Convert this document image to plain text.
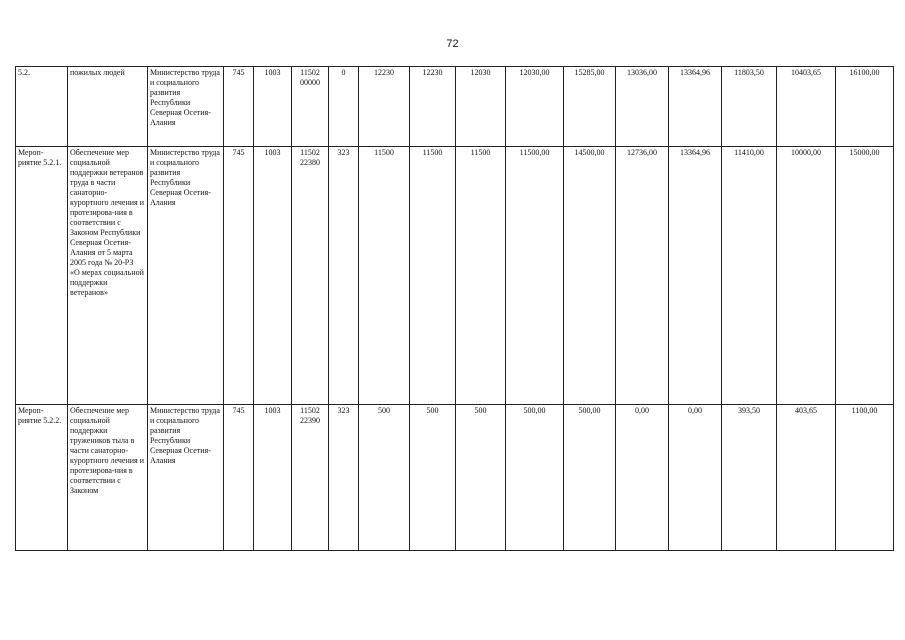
72
5.2.	пожилых людей	Министерство труда и социального развития Республики Северная Осетия-Алания	745	1003	11502 00000	0	12230	12230	12030	12030,00	15285,00	13036,00	13364,96	11803,50	10403,65	16100,00
Мероп-риятие 5.2.1.	Обеспечение мер социальной поддержки ветеранов труда в части санаторно-курортного лечения и протезирова-ния в соответствии с Законом Республики Северная Осетия-Алания от 5 марта 2005 года № 20-РЗ «О мерах социальной поддержки ветеранов»	Министерство труда и социального развития Республики Северная Осетия-Алания	745	1003	11502 22380	323	11500	11500	11500	11500,00	14500,00	12736,00	13364,96	11410,00	10000,00	15000,00
Мероп-риятие 5.2.2.	Обеспечение мер социальной поддержки тружеников тыла в части санаторно-курортного лечения и протезирова-ния в соответствии с Законом	Министерство труда и социального развития Республики Северная Осетия-Алания	745	1003	11502 22390	323	500	500	500	500,00	500,00	0,00	0,00	393,50	403,65	1100,00
